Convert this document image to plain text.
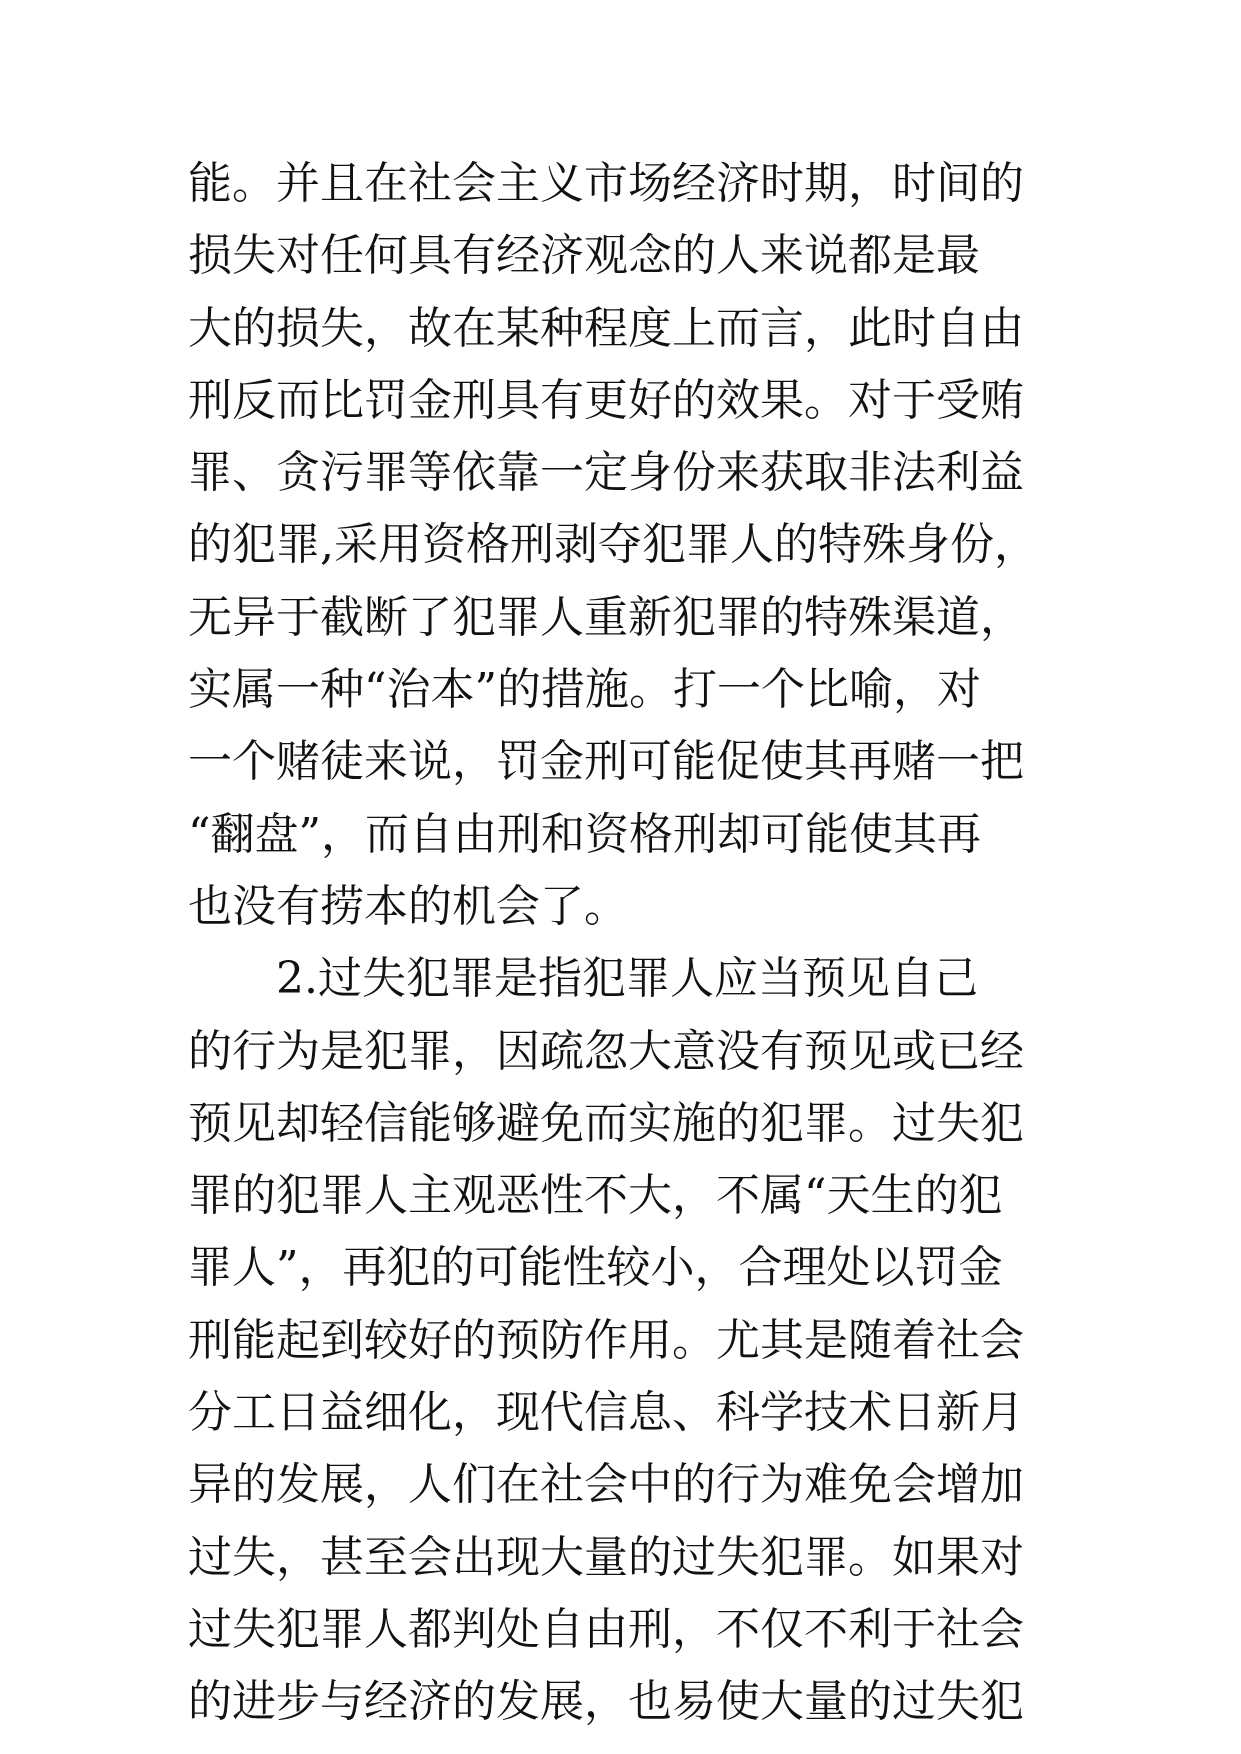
能。并且在社会主义市场经济时期，时间的
损失对任何具有经济观念的人来说都是最
大的损失，故在某种程度上而言，此时自由
刑反而比罚金刑具有更好的效果。对于受贿
罪、贪污罪等依靠一定身份来获取非法利益
的犯罪,采用资格刑剥夺犯罪人的特殊身份，
无异于截断了犯罪人重新犯罪的特殊渠道，
实属一种“治本”的措施。打一个比喻，对
一个赌徒来说，罚金刑可能促使其再赌一把
“翻盘”，而自由刑和资格刑却可能使其再
也没有捞本的机会了。
　　2.过失犯罪是指犯罪人应当预见自己
的行为是犯罪，因疏忽大意没有预见或已经
预见却轻信能够避免而实施的犯罪。过失犯
罪的犯罪人主观恶性不大，不属“天生的犯
罪人”，再犯的可能性较小，合理处以罚金
刑能起到较好的预防作用。尤其是随着社会
分工日益细化，现代信息、科学技术日新月
异的发展，人们在社会中的行为难免会增加
过失，甚至会出现大量的过失犯罪。如果对
过失犯罪人都判处自由刑，不仅不利于社会
的进步与经济的发展，也易使大量的过失犯
